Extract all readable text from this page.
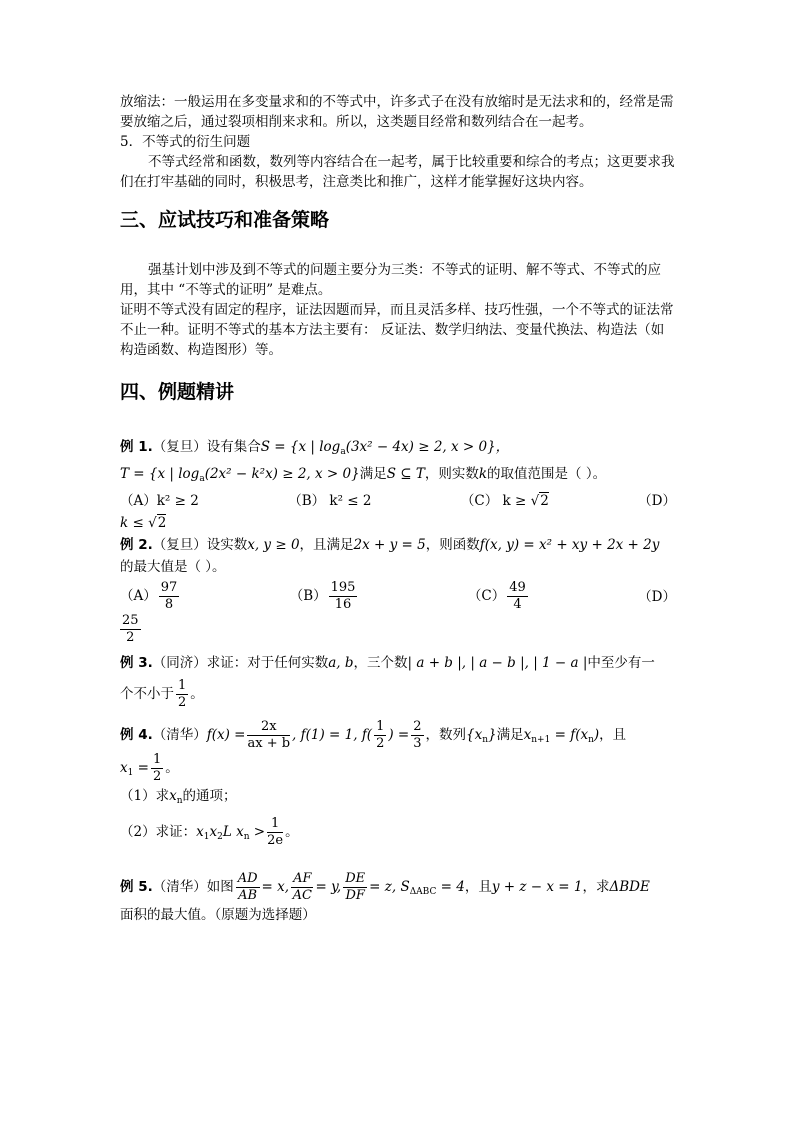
放缩法：一般运用在多变量求和的不等式中，许多式子在没有放缩时是无法求和的，经常是需要放缩之后，通过裂项相削来求和。所以，这类题目经常和数列结合在一起考。

5．不等式的衍生问题

不等式经常和函数，数列等内容结合在一起考，属于比较重要和综合的考点；这更要求我们在打牢基础的同时，积极思考，注意类比和推广，这样才能掌握好这块内容。

三、应试技巧和准备策略

强基计划中涉及到不等式的问题主要分为三类：不等式的证明、解不等式、不等式的应用，其中 “不等式的证明” 是难点。

证明不等式没有固定的程序，证法因题而异，而且灵活多样、技巧性强，一个不等式的证法常不止一种。证明不等式的基本方法主要有： 反证法、数学归纳法、变量代换法、构造法（如构造函数、构造图形）等。

四、例题精讲

例 1.（复旦）设有集合S = {x | $\log_a(3x^2 - 4x) \ge 2$, x > 0}，

T = {x | $\log_a(2x^2 - k^2x) \ge 2$, x > 0}满足S ⊆ T，则实数k的取值范围是（ ）。

（A）k² ≥ 2	（B） k² ≤ 2	（C） k ≥ √2	（D）

k ≤ √2

例 2.（复旦）设实数x, y ≥ 0，且满足2x + y = 5，则函数f(x, y) = x² + xy + 2x + 2y

的最大值是（ ）。

$(A) \frac{97}{8}$	$(B) \frac{195}{16}$	$(C) \frac{49}{4}$	（D）
$\frac{25}{2}$

例 3.（同济）求证：对于任何实数a, b，三个数| a + b |, | a − b |, | 1 − a |中至少有一

个不小于 $\frac{1}{2}$ 。

例 4.（清华）$f(x) = \frac{2x}{ax + b}$ , f(1) = 1, $f( \frac{1}{2}$ ) = $\frac{2}{3}$ ，数列$\{x_n\}$满足$x_{n+1} = f(x_n)$，且

$x_1 = \frac{1}{2}$ 。

（1）求$x_n$的通项；

（2）求证：$x_1x_2L$ $x_n > \frac{1}{2e}$ 。

例 5.（清华）如图 $\frac{AD}{AB} = x$, $\frac{AF}{AC} = y$, $\frac{DE}{DF} = z$, $S_{\Delta ABC} = 4$，且y + z − x = 1，求ΔBDE

面积的最大值。（原题为选择题）
